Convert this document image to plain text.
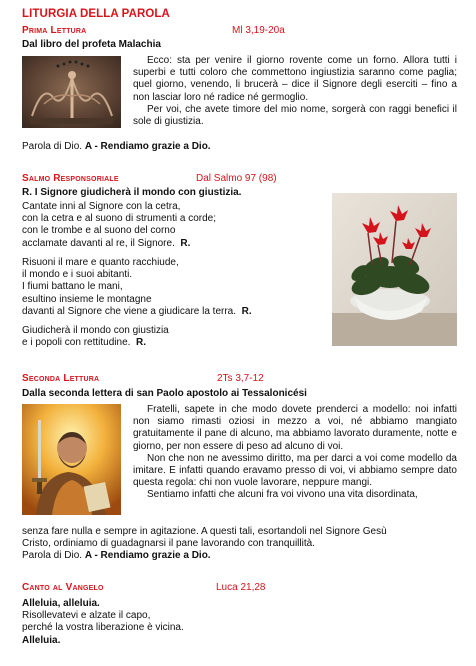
LITURGIA DELLA PAROLA
Prima Lettura	Ml 3,19-20a
Dal libro del profeta Malachia

Ecco: sta per venire il giorno rovente come un forno. Allora tutti i superbi e tutti coloro che commettono ingiustizia saranno come paglia; quel giorno, venendo, li brucerà – dice il Signore degli eserciti – fino a non lasciar loro né radice né germoglio.

Per voi, che avete timore del mio nome, sorgerà con raggi benefici il sole di giustizia.

Parola di Dio. A - Rendiamo grazie a Dio.
Salmo Responsoriale	Dal Salmo 97 (98)
R. I Signore giudicherà il mondo con giustizia.
Cantate inni al Signore con la cetra,
con la cetra e al suono di strumenti a corde;
con le trombe e al suono del corno
acclamate davanti al re, il Signore. R.
Risuoni il mare e quanto racchiude,
il mondo e i suoi abitanti.
I fiumi battano le mani,
esultino insieme le montagne
davanti al Signore che viene a giudicare la terra. R.
Giudicherà il mondo con giustizia
e i popoli con rettitudine. R.
Seconda Lettura	2Ts 3,7-12
Dalla seconda lettera di san Paolo apostolo ai Tessalonicési

Fratelli, sapete in che modo dovete prenderci a modello: noi infatti non siamo rimasti oziosi in mezzo a voi, né abbiamo mangiato gratuitamente il pane di alcuno, ma abbiamo lavorato duramente, notte e giorno, per non essere di peso ad alcuno di voi.

Non che non ne avessimo diritto, ma per darci a voi come modello da imitare. E infatti quando eravamo presso di voi, vi abbiamo sempre dato questa regola: chi non vuole lavorare, neppure mangi.

Sentiamo infatti che alcuni fra voi vivono una vita disordinata,

senza fare nulla e sempre in agitazione. A questi tali, esortandoli nel Signore Gesù
Cristo, ordiniamo di guadagnarsi il pane lavorando con tranquillità.
Parola di Dio. A - Rendiamo grazie a Dio.
Canto al Vangelo	Luca 21,28
Alleluia, alleluia.
Risollevatevi e alzate il capo,
perché la vostra liberazione è vicina.
Alleluia.
